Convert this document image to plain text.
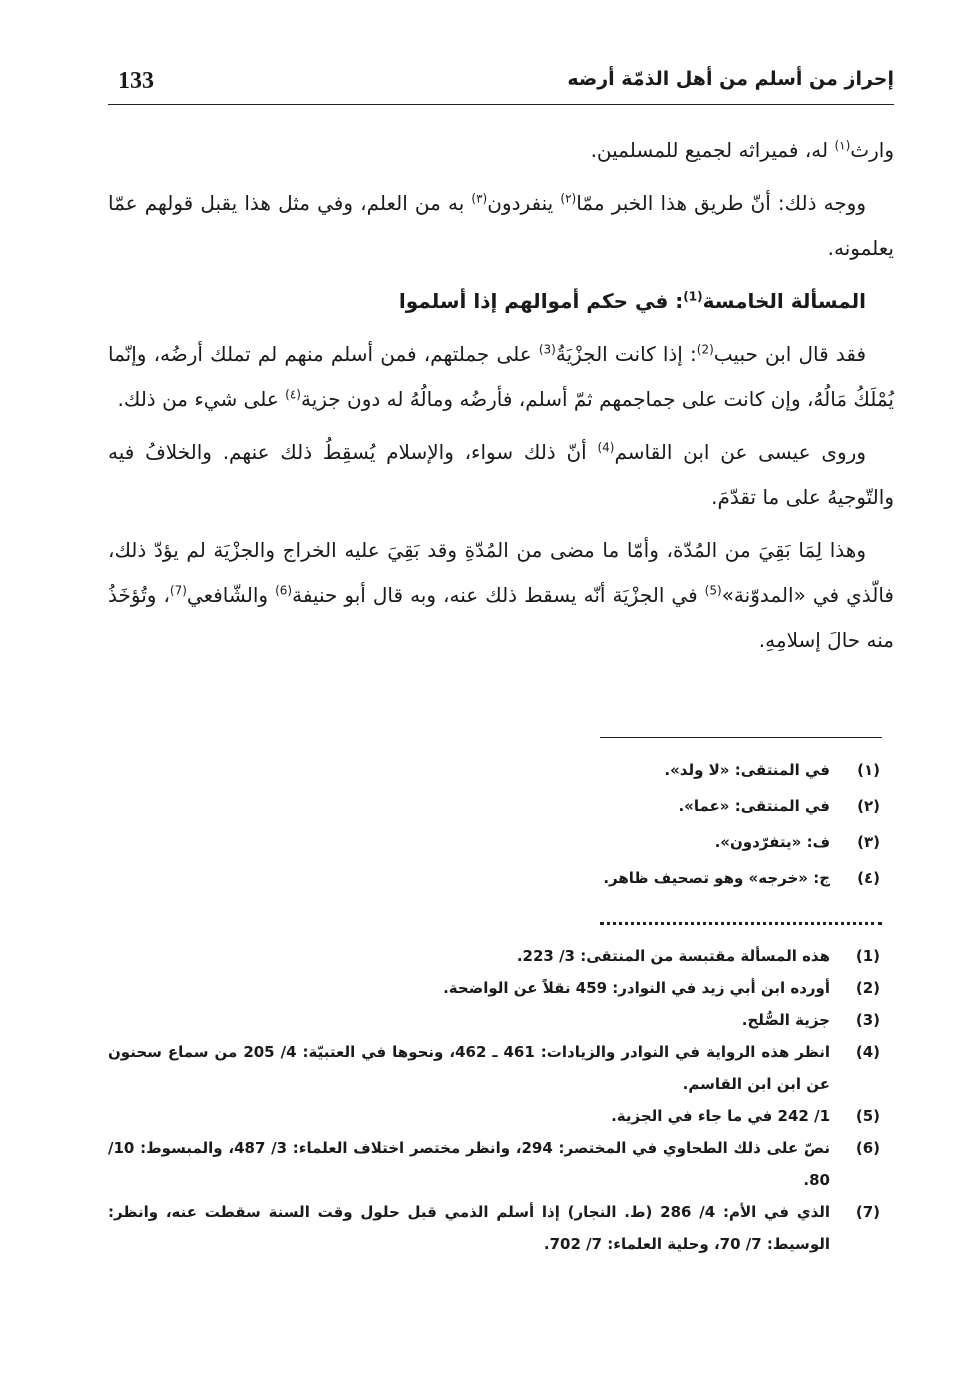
133	إحراز من أسلم من أهل الذمّة أرضه

وارث$^{(١)}$ له، فميراثه لجميع للمسلمين.

ووجه ذلك: أنّ طريق هذا الخبر ممّا$^{(٢)}$ ينفردون$^{(٣)}$ به من العلم، وفي مثل هذا يقبل قولهم عمّا يعلمونه.

المسألة الخامسة$^{(1)}$: في حكم أموالهم إذا أسلموا

فقد قال ابن حبيب$^{(2)}$: إذا كانت الجزْيَةُ$^{(3)}$ على جملتهم، فمن أسلم منهم لم تملك أرضُه، وإنّما يُمْلَكُ مَالُهُ، وإن كانت على جماجمهم ثمّ أسلم، فأرضُه ومالُهُ له دون جزية$^{(٤)}$ على شيء من ذلك.

وروى عيسى عن ابن القاسم$^{(4)}$ أنّ ذلك سواء، والإسلام يُسقِطُ ذلك عنهم. والخلافُ فيه والتّوجيهُ على ما تقدّمَ.

وهذا لِمَا بَقِيَ من المُدّة، وأمّا ما مضى من المُدّةِ وقد بَقِيَ عليه الخراج والجزْيَة لم يؤدّ ذلك، فالّذي في «المدوّنة»$^{(5)}$ في الجزْيَة أنّه يسقط ذلك عنه، وبه قال أبو حنيفة$^{(6)}$ والشّافعي$^{(7)}$، وتُؤخَذُ منه حالَ إسلامِهِ.

(١)
في المنتقى: «لا ولد».
(٢)
في المنتقى: «عما».
(٣)
ف: «يتفرّدون».
(٤)
ج: «خرجه» وهو تصحيف ظاهر.
(1)
هذه المسألة مقتبسة من المنتقى: 3/ 223.
(2)
أورده ابن أبي زيد في النوادر: 459 نقلاً عن الواضحة.
(3)
جزية الصُّلح.
(4)
انظر هذه الرواية في النوادر والزيادات: 461 ـ 462، ونحوها في العتبيّة: 4/ 205 من سماع سحنون عن ابن ابن القاسم.
(5)
1/ 242 في ما جاء في الجزية.
(6)
نصّ على ذلك الطحاوي في المختصر: 294، وانظر مختصر اختلاف العلماء: 3/ 487، والمبسوط: 10/ 80.
(7)
الذي في الأم: 4/ 286 (ط. النجار) إذا أسلم الذمي قبل حلول وقت السنة سقطت عنه، وانظر: الوسيط: 7/ 70، وحلية العلماء: 7/ 702.
